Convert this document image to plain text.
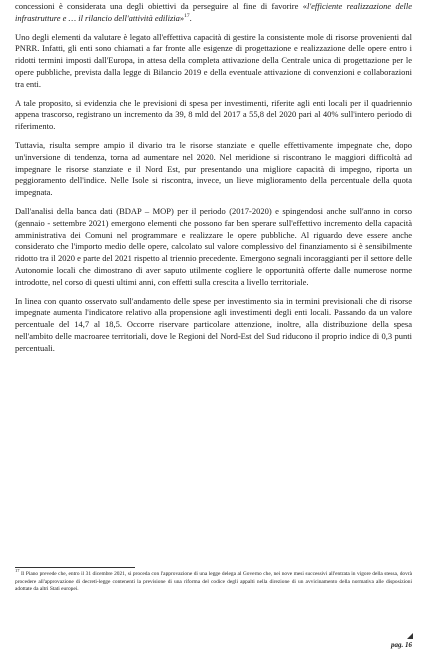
concessioni è considerata una degli obiettivi da perseguire al fine di favorire «l'efficiente realizzazione delle infrastrutture e … il rilancio dell'attività edilizia»$^{17}$.

Uno degli elementi da valutare è legato all'effettiva capacità di gestire la consistente mole di risorse provenienti dal PNRR. Infatti, gli enti sono chiamati a far fronte alle esigenze di progettazione e realizzazione delle opere entro i ridotti termini imposti dall'Europa, in attesa della completa attivazione della Centrale unica di progettazione per le opere pubbliche, prevista dalla legge di Bilancio 2019 e della eventuale attivazione di convenzioni e collaborazioni tra enti.

A tale proposito, si evidenzia che le previsioni di spesa per investimenti, riferite agli enti locali per il quadriennio appena trascorso, registrano un incremento da 39, 8 mld del 2017 a 55,8 del 2020 pari al 40% sull'intero periodo di riferimento.

Tuttavia, risulta sempre ampio il divario tra le risorse stanziate e quelle effettivamente impegnate che, dopo un'inversione di tendenza, torna ad aumentare nel 2020. Nel meridione si riscontrano le maggiori difficoltà ad impegnare le risorse stanziate e il Nord Est, pur presentando una migliore capacità di impegno, riporta un peggioramento dell'indice. Nelle Isole si riscontra, invece, un lieve miglioramento della percentuale della quota impegnata.

Dall'analisi della banca dati (BDAP – MOP) per il periodo (2017-2020) e spingendosi anche sull'anno in corso (gennaio - settembre 2021) emergono elementi che possono far ben sperare sull'effettivo incremento della capacità amministrativa dei Comuni nel programmare e realizzare le opere pubbliche. Al riguardo deve essere anche considerato che l'importo medio delle opere, calcolato sul valore complessivo del finanziamento si è sensibilmente ridotto tra il 2020 e parte del 2021 rispetto al triennio precedente. Emergono segnali incoraggianti per il settore delle Autonomie locali che dimostrano di aver saputo utilmente cogliere le opportunità offerte dalle numerose norme introdotte, nel corso di questi ultimi anni, con effetti sulla crescita a livello territoriale.

In linea con quanto osservato sull'andamento delle spese per investimento sia in termini previsionali che di risorse impegnate aumenta l'indicatore relativo alla propensione agli investimenti degli enti locali. Passando da un valore percentuale del 14,7 al 18,5. Occorre riservare particolare attenzione, inoltre, alla distribuzione della spesa nell'ambito delle macroaree territoriali, dove le Regioni del Nord-Est del Sud riducono il proprio indice di 0,3 punti percentuali.

$^{17}$ Il Piano prevede che, entro il 31 dicembre 2021, si proceda con l'approvazione di una legge delega al Governo che, nei nove mesi successivi all'entrata in vigore della stessa, dovrà procedere all'approvazione di decreti-legge contenenti la previsione di una riforma del codice degli appalti nella direzione di un avvicinamento della normativa alle disposizioni adottate da altri Stati europei.

pag. 16
